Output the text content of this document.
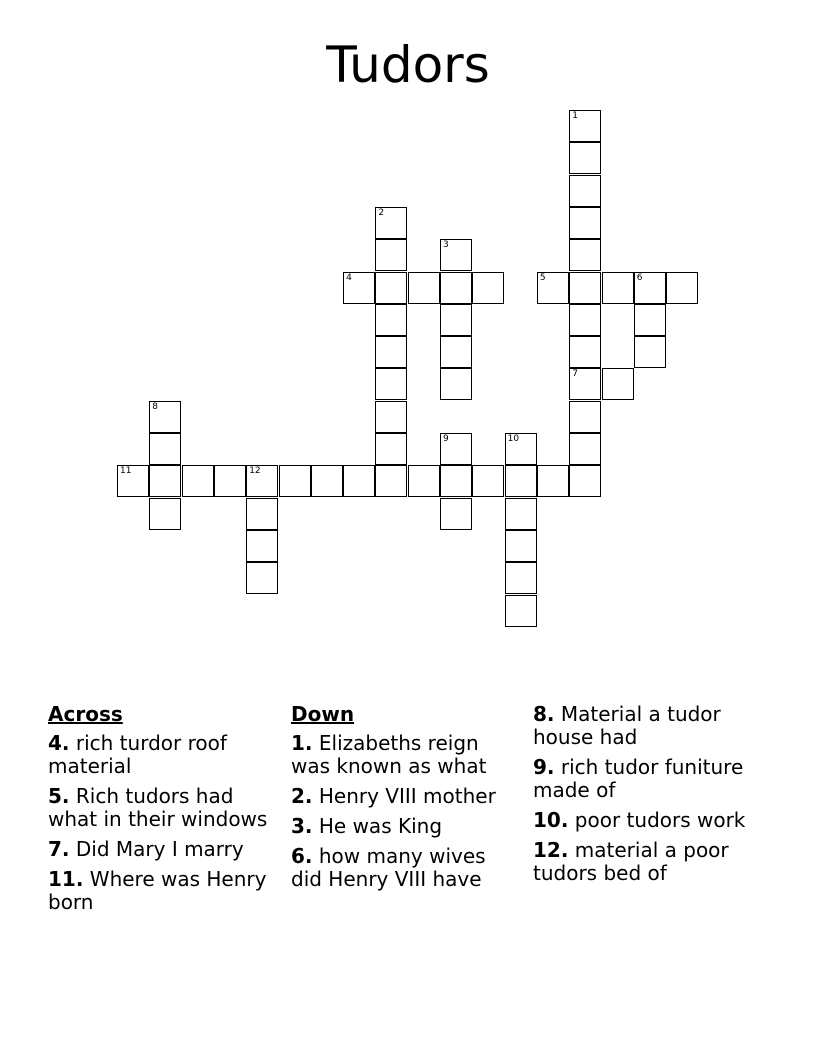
Tudors
1
2
3
4	5	6
7
8
9	10
11	12
Across
4. rich turdor roof material
5. Rich tudors had what in their windows
7. Did Mary I marry
11. Where was Henry born
Down
1. Elizabeths reign was known as what
2. Henry VIII mother
3. He was King
6. how many wives did Henry VIII have
8. Material a tudor house had
9. rich tudor funiture made of
10. poor tudors work
12. material a poor tudors bed of
